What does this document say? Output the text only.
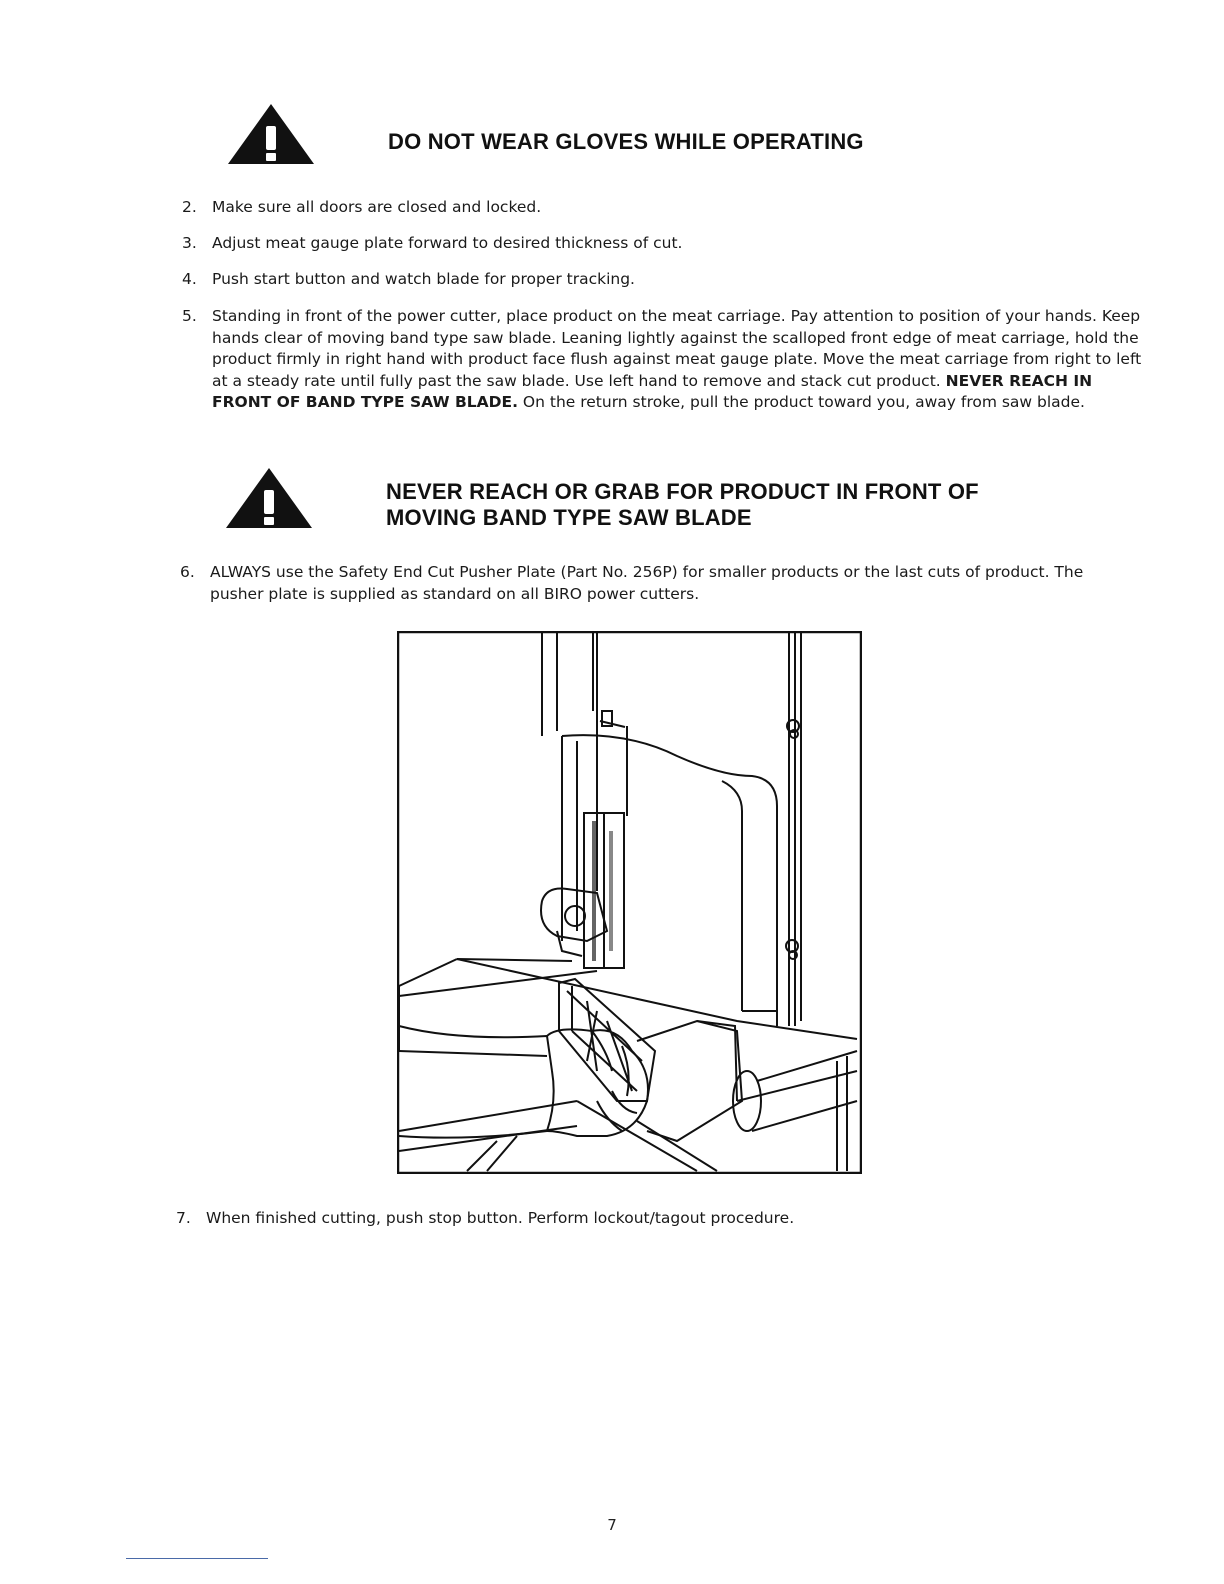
DO NOT WEAR GLOVES WHILE OPERATING
2. Make sure all doors are closed and locked.
3. Adjust meat gauge plate forward to desired thickness of cut.
4. Push start button and watch blade for proper tracking.
5. Standing in front of the power cutter, place product on the meat carriage. Pay attention to position of your hands. Keep hands clear of moving band type saw blade. Leaning lightly against the scalloped front edge of meat carriage, hold the product firmly in right hand with product face flush against meat gauge plate. Move the meat carriage from right to left at a steady rate until fully past the saw blade. Use left hand to remove and stack cut product. NEVER REACH IN FRONT OF BAND TYPE SAW BLADE. On the return stroke, pull the product toward you, away from saw blade.
NEVER REACH OR GRAB FOR PRODUCT IN FRONT OF
MOVING BAND TYPE SAW BLADE
6. ALWAYS use the Safety End Cut Pusher Plate (Part No. 256P) for smaller products or the last cuts of product. The pusher plate is supplied as standard on all BIRO power cutters.
7. When finished cutting, push stop button. Perform lockout/tagout procedure.
7
